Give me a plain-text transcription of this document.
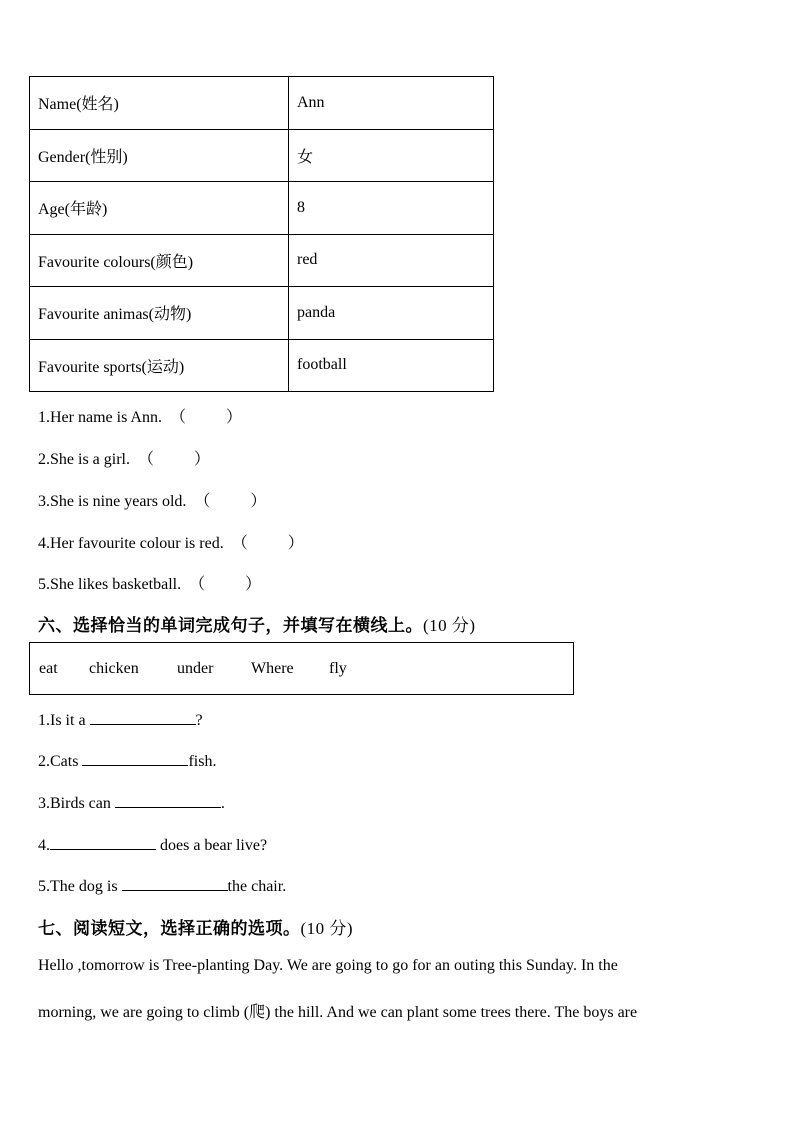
Name(姓名)	Ann
Gender(性别)	女
Age(年龄)	8
Favourite colours(颜色)	red
Favourite animas(动物)	panda
Favourite sports(运动)	football
1.Her name is Ann.  （          ）
2.She is a girl.  （          ）
3.She is nine years old.  （          ）
4.Her favourite colour is red.  （          ）
5.She likes basketball.  （          ）
六、选择恰当的单词完成句子，并填写在横线上。(10 分)
eat chicken under Where fly
1.Is it a	?
2.Cats	fish.
3.Birds can	.
4.	does a bear live?
5.The dog is	the chair.
七、阅读短文，选择正确的选项。(10 分)
Hello ,tomorrow is Tree-planting Day. We are going to go for an outing this Sunday. In the
morning, we are going to climb (爬) the hill. And we can plant some trees there. The boys are
